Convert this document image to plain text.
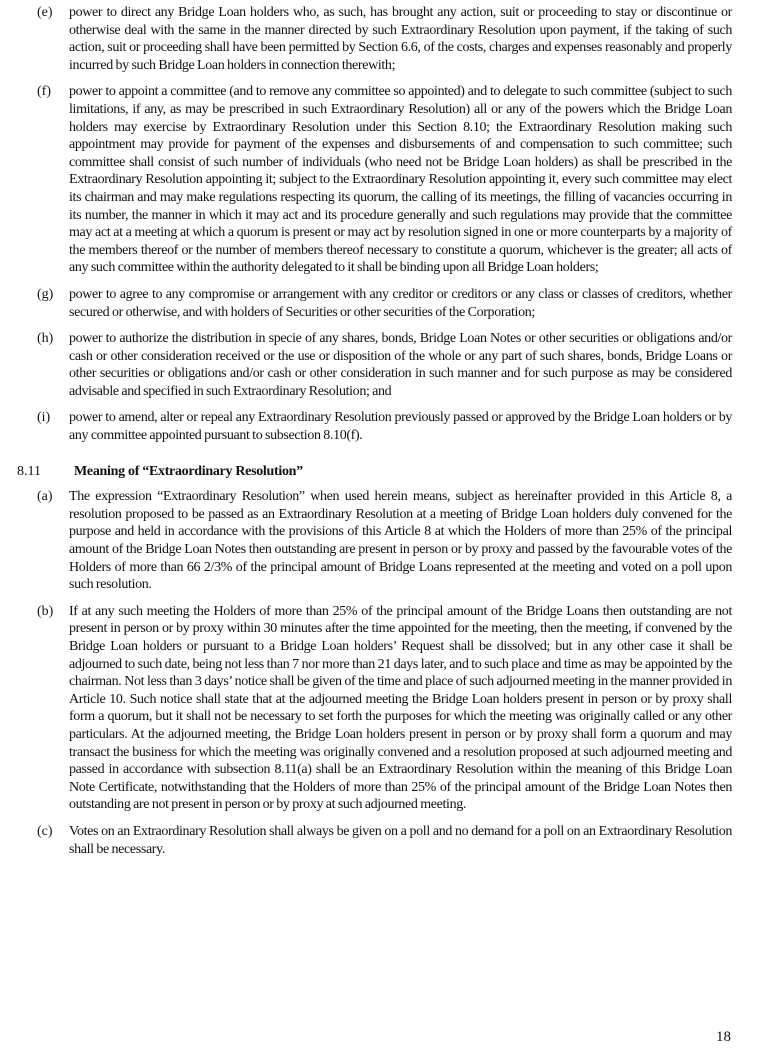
(e)	power to direct any Bridge Loan holders who, as such, has brought any action, suit or proceeding to stay or discontinue or otherwise deal with the same in the manner directed by such Extraordinary Resolution upon payment, if the taking of such action, suit or proceeding shall have been permitted by Section 6.6, of the costs, charges and expenses reasonably and properly incurred by such Bridge Loan holders in connection therewith;
(f)	power to appoint a committee (and to remove any committee so appointed) and to delegate to such committee (subject to such limitations, if any, as may be prescribed in such Extraordinary Resolution) all or any of the powers which the Bridge Loan holders may exercise by Extraordinary Resolution under this Section 8.10; the Extraordinary Resolution making such appointment may provide for payment of the expenses and disbursements of and compensation to such committee; such committee shall consist of such number of individuals (who need not be Bridge Loan holders) as shall be prescribed in the Extraordinary Resolution appointing it; subject to the Extraordinary Resolution appointing it, every such committee may elect its chairman and may make regulations respecting its quorum, the calling of its meetings, the filling of vacancies occurring in its number, the manner in which it may act and its procedure generally and such regulations may provide that the committee may act at a meeting at which a quorum is present or may act by resolution signed in one or more counterparts by a majority of the members thereof or the number of members thereof necessary to constitute a quorum, whichever is the greater; all acts of any such committee within the authority delegated to it shall be binding upon all Bridge Loan holders;
(g)	power to agree to any compromise or arrangement with any creditor or creditors or any class or classes of creditors, whether secured or otherwise, and with holders of Securities or other securities of the Corporation;
(h)	power to authorize the distribution in specie of any shares, bonds, Bridge Loan Notes or other securities or obligations and/or cash or other consideration received or the use or disposition of the whole or any part of such shares, bonds, Bridge Loans or other securities or obligations and/or cash or other consideration in such manner and for such purpose as may be considered advisable and specified in such Extraordinary Resolution; and
(i)	power to amend, alter or repeal any Extraordinary Resolution previously passed or approved by the Bridge Loan holders or by any committee appointed pursuant to subsection 8.10(f).
8.11	Meaning of “Extraordinary Resolution”
(a)	The expression “Extraordinary Resolution” when used herein means, subject as hereinafter provided in this Article 8, a resolution proposed to be passed as an Extraordinary Resolution at a meeting of Bridge Loan holders duly convened for the purpose and held in accordance with the provisions of this Article 8 at which the Holders of more than 25% of the principal amount of the Bridge Loan Notes then outstanding are present in person or by proxy and passed by the favourable votes of the Holders of more than 66 2/3% of the principal amount of Bridge Loans represented at the meeting and voted on a poll upon such resolution.
(b)	If at any such meeting the Holders of more than 25% of the principal amount of the Bridge Loans then outstanding are not present in person or by proxy within 30 minutes after the time appointed for the meeting, then the meeting, if convened by the Bridge Loan holders or pursuant to a Bridge Loan holders’ Request shall be dissolved; but in any other case it shall be adjourned to such date, being not less than 7 nor more than 21 days later, and to such place and time as may be appointed by the chairman. Not less than 3 days’ notice shall be given of the time and place of such adjourned meeting in the manner provided in Article 10. Such notice shall state that at the adjourned meeting the Bridge Loan holders present in person or by proxy shall form a quorum, but it shall not be necessary to set forth the purposes for which the meeting was originally called or any other particulars. At the adjourned meeting, the Bridge Loan holders present in person or by proxy shall form a quorum and may transact the business for which the meeting was originally convened and a resolution proposed at such adjourned meeting and passed in accordance with subsection 8.11(a) shall be an Extraordinary Resolution within the meaning of this Bridge Loan Note Certificate, notwithstanding that the Holders of more than 25% of the principal amount of the Bridge Loan Notes then outstanding are not present in person or by proxy at such adjourned meeting.
(c)	Votes on an Extraordinary Resolution shall always be given on a poll and no demand for a poll on an Extraordinary Resolution shall be necessary.
18
